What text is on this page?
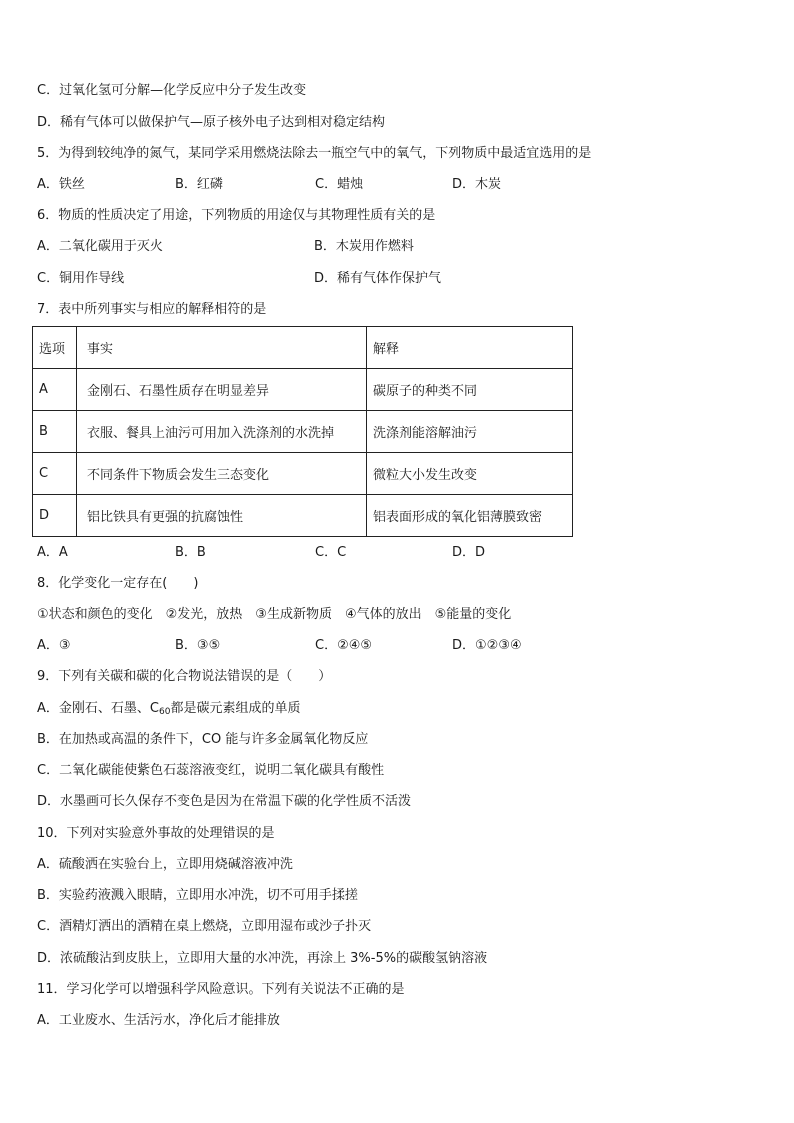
C．过氧化氢可分解—化学反应中分子发生改变
D．稀有气体可以做保护气—原子核外电子达到相对稳定结构
5．为得到较纯净的氮气，某同学采用燃烧法除去一瓶空气中的氧气，下列物质中最适宜选用的是
A．铁丝	B．红磷	C．蜡烛	D．木炭
6．物质的性质决定了用途，下列物质的用途仅与其物理性质有关的是
A．二氧化碳用于灭火	B．木炭用作燃料
C．铜用作导线	D．稀有气体作保护气
7．表中所列事实与相应的解释相符的是
选项	事实	解释
A	金刚石、石墨性质存在明显差异	碳原子的种类不同
B	衣服、餐具上油污可用加入洗涤剂的水洗掉	洗涤剂能溶解油污
C	不同条件下物质会发生三态变化	微粒大小发生改变
D	铝比铁具有更强的抗腐蚀性	铝表面形成的氧化铝薄膜致密
A．A	B．B	C．C	D．D
8．化学变化一定存在(　　)
①状态和颜色的变化　②发光，放热　③生成新物质　④气体的放出　⑤能量的变化
A．③	B．③⑤	C．②④⑤	D．①②③④
9．下列有关碳和碳的化合物说法错误的是（　　）
A．金刚石、石墨、$C_{60}$都是碳元素组成的单质
B．在加热或高温的条件下，CO 能与许多金属氧化物反应
C．二氧化碳能使紫色石蕊溶液变红，说明二氧化碳具有酸性
D．水墨画可长久保存不变色是因为在常温下碳的化学性质不活泼
10．下列对实验意外事故的处理错误的是
A．硫酸洒在实验台上，立即用烧碱溶液冲洗
B．实验药液溅入眼睛，立即用水冲洗，切不可用手揉搓
C．酒精灯洒出的酒精在桌上燃烧，立即用湿布或沙子扑灭
D．浓硫酸沾到皮肤上，立即用大量的水冲洗，再涂上 3%-5%的碳酸氢钠溶液
11．学习化学可以增强科学风险意识。下列有关说法不正确的是
A．工业废水、生活污水，净化后才能排放
